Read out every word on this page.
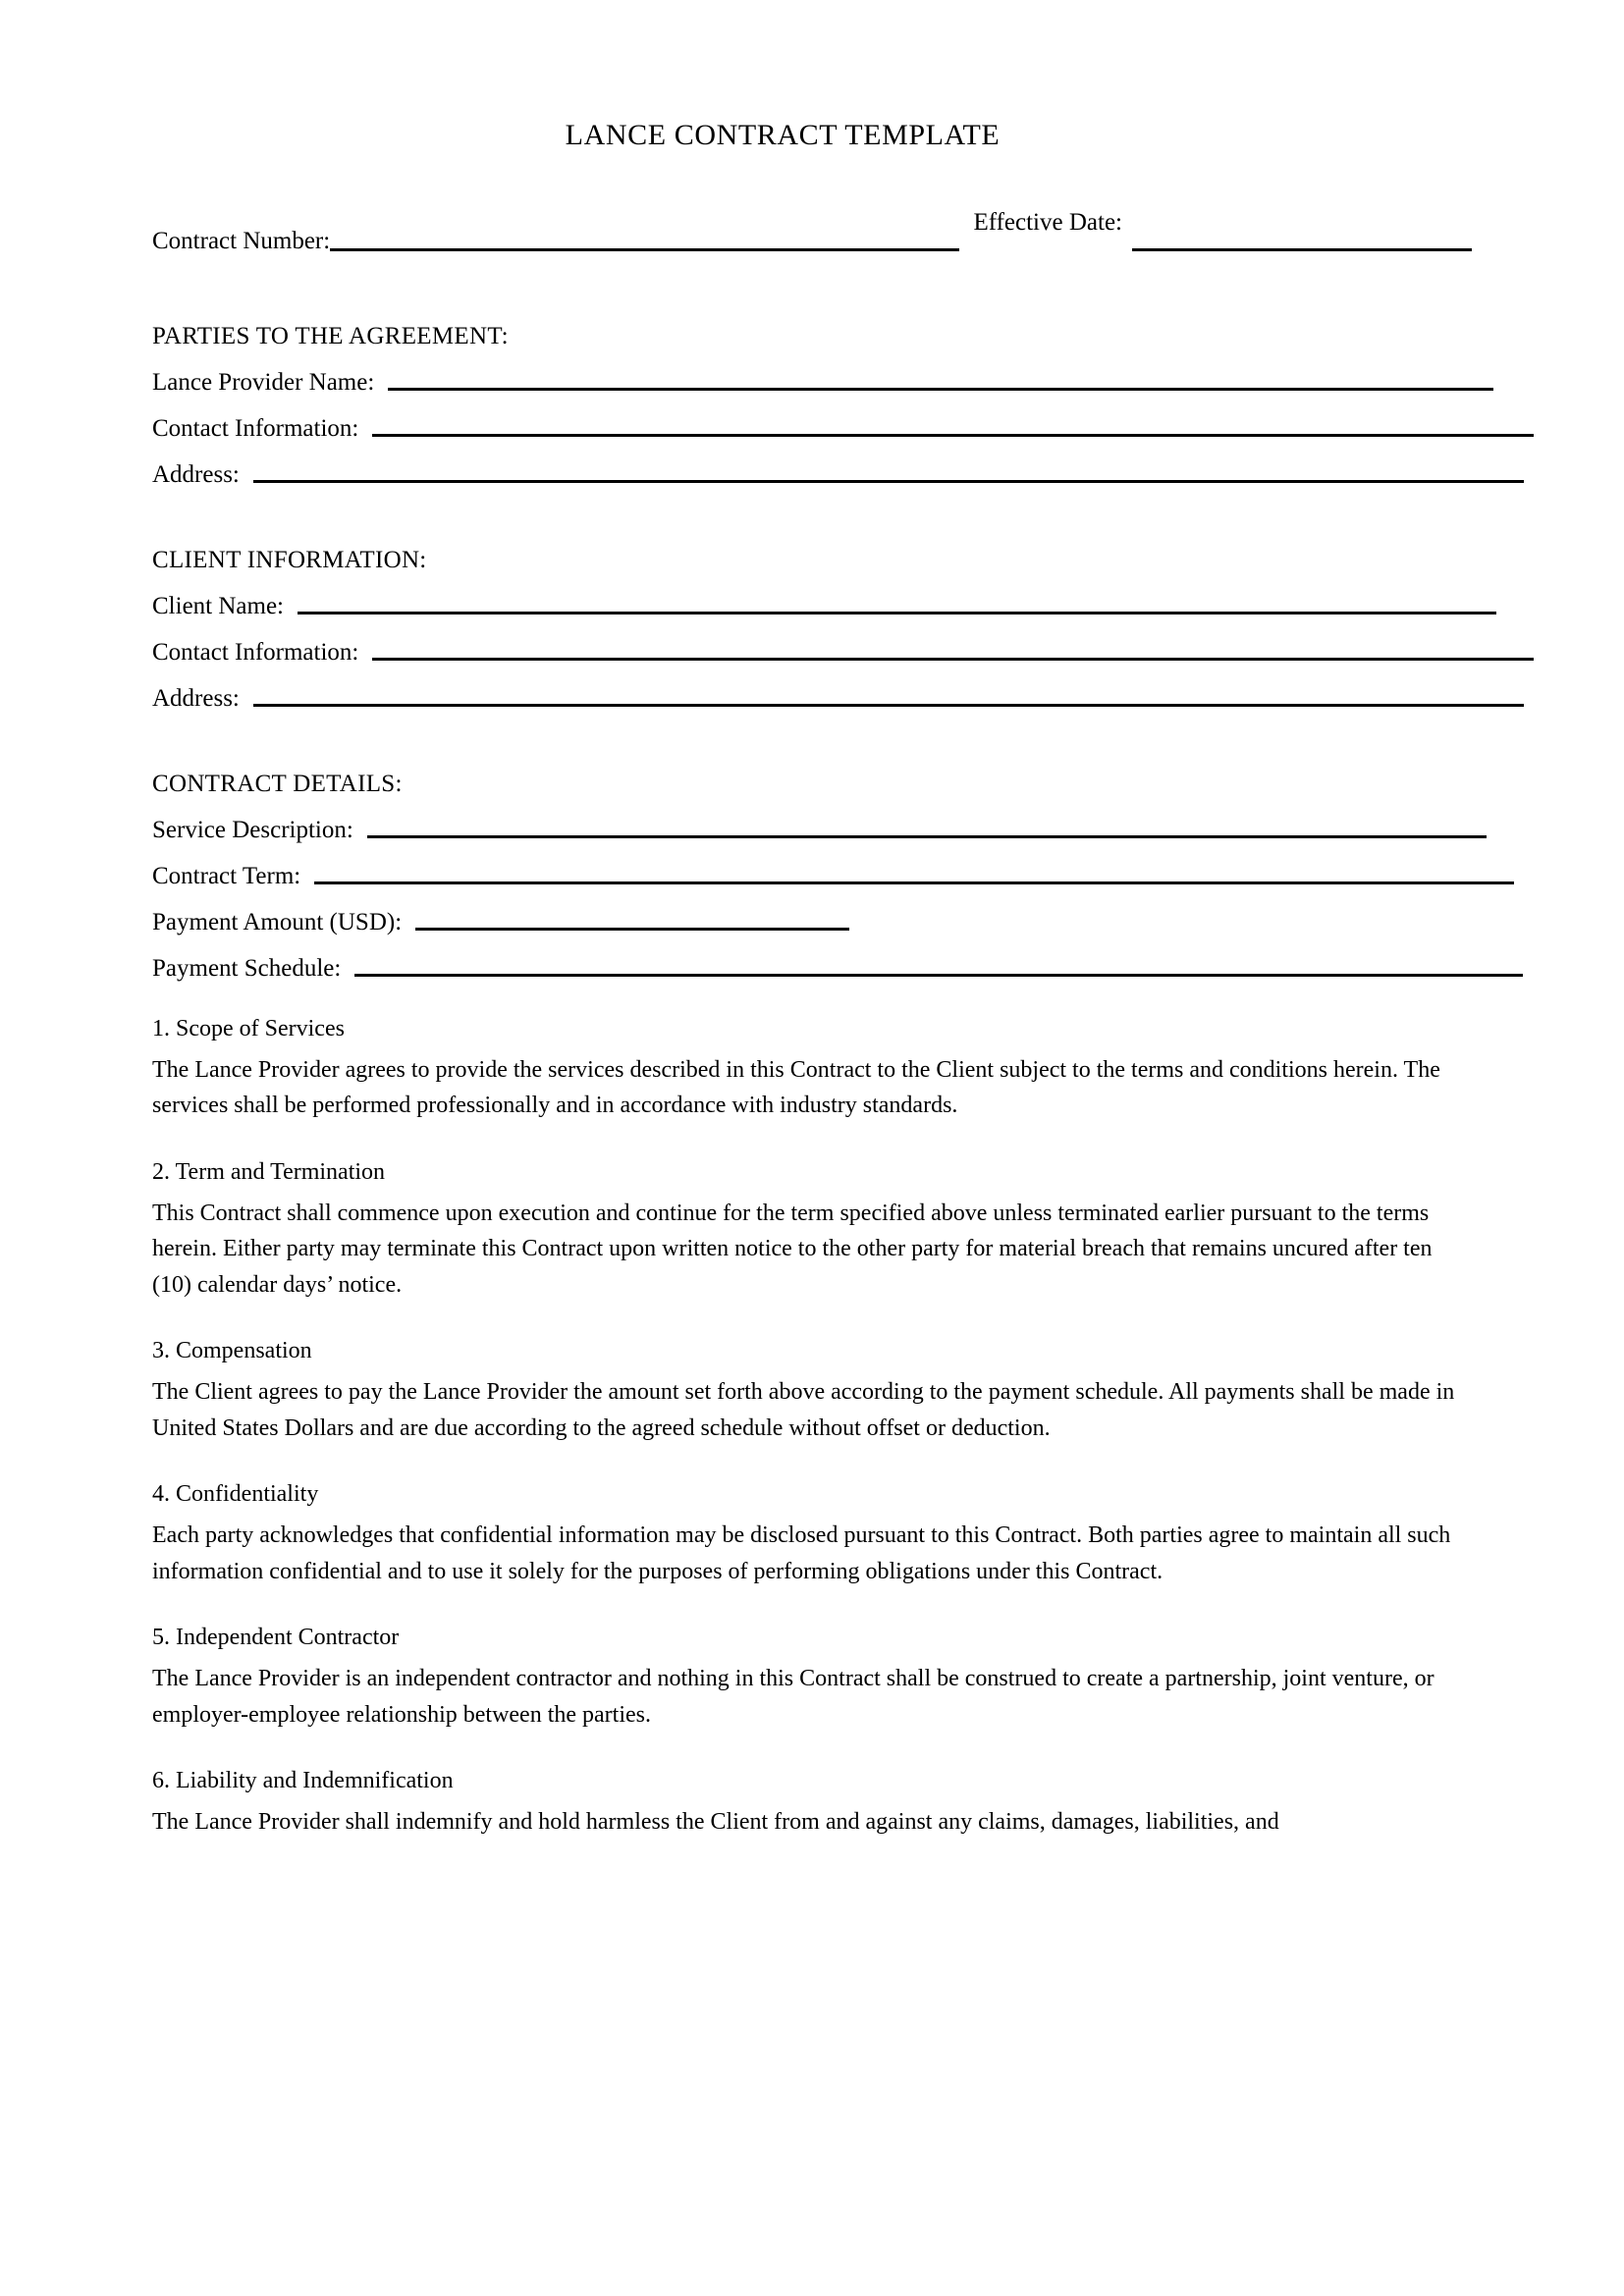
LANCE CONTRACT TEMPLATE
Contract Number:
Effective Date:
PARTIES TO THE AGREEMENT:
Lance Provider Name:
Contact Information:
Address:
CLIENT INFORMATION:
Client Name:
Contact Information:
Address:
CONTRACT DETAILS:
Service Description:
Contract Term:
Payment Amount (USD):
Payment Schedule:

1. Scope of Services

The Lance Provider agrees to provide the services described in this Contract to the Client subject to the terms and conditions herein. The services shall be performed professionally and in accordance with industry standards.

2. Term and Termination

This Contract shall commence upon execution and continue for the term specified above unless terminated earlier pursuant to the terms herein. Either party may terminate this Contract upon written notice to the other party for material breach that remains uncured after ten (10) calendar days’ notice.

3. Compensation

The Client agrees to pay the Lance Provider the amount set forth above according to the payment schedule. All payments shall be made in United States Dollars and are due according to the agreed schedule without offset or deduction.

4. Confidentiality

Each party acknowledges that confidential information may be disclosed pursuant to this Contract. Both parties agree to maintain all such information confidential and to use it solely for the purposes of performing obligations under this Contract.

5. Independent Contractor

The Lance Provider is an independent contractor and nothing in this Contract shall be construed to create a partnership, joint venture, or employer-employee relationship between the parties.

6. Liability and Indemnification

The Lance Provider shall indemnify and hold harmless the Client from and against any claims, damages, liabilities, and
